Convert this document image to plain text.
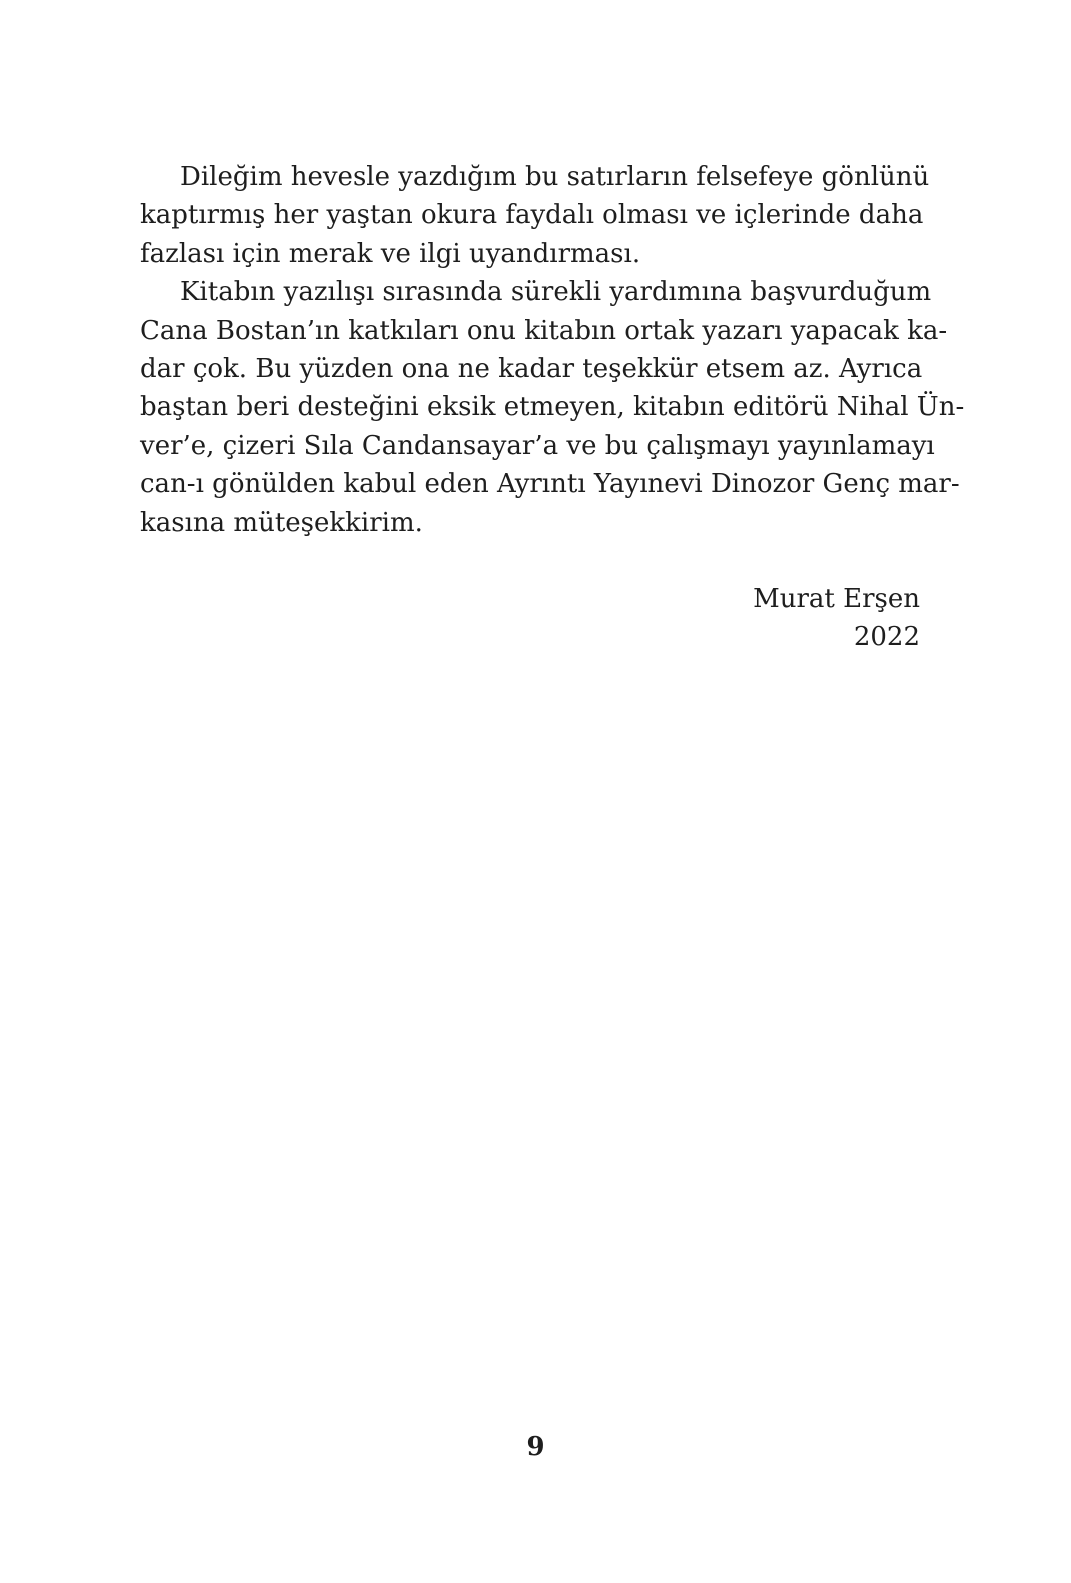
Dileğim hevesle yazdığım bu satırların felsefeye gönlünü
kaptırmış her yaştan okura faydalı olması ve içlerinde daha
fazlası için merak ve ilgi uyandırması.
Kitabın yazılışı sırasında sürekli yardımına başvurduğum
Cana Bostan’ın katkıları onu kitabın ortak yazarı yapacak ka-
dar çok. Bu yüzden ona ne kadar teşekkür etsem az. Ayrıca
baştan beri desteğini eksik etmeyen, kitabın editörü Nihal Ün-
ver’e, çizeri Sıla Candansayar’a ve bu çalışmayı yayınlamayı
can-ı gönülden kabul eden Ayrıntı Yayınevi Dinozor Genç mar-
kasına müteşekkirim.
Murat Erşen
2022
9
